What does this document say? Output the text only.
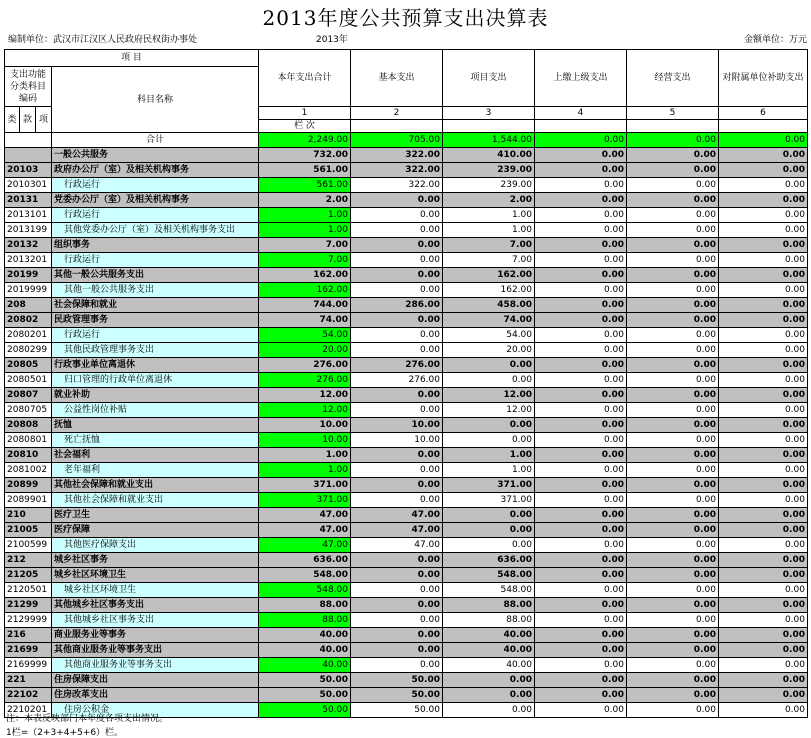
2013年度公共预算支出决算表
编制单位：武汉市江汉区人民政府民权街办事处	2013年	金额单位：万元
项 目				本年支出合计	基本支出	项目支出	上缴上级支出	经营支出	对附属单位补助支出	
支出功能分类科目编码			科目名称							
类	款	项		1	2	3	4	5	6	
				栏 次						
			合计	2,249.00	705.00	1,544.00	0.00	0.00	0.00	
			一般公共服务	732.00	322.00	410.00	0.00	0.00	0.00	
20103			政府办公厅（室）及相关机构事务	561.00	322.00	239.00	0.00	0.00	0.00	
2010301			行政运行	561.00	322.00	239.00	0.00	0.00	0.00	
20131			党委办公厅（室）及相关机构事务	2.00	0.00	2.00	0.00	0.00	0.00	
2013101			行政运行	1.00	0.00	1.00	0.00	0.00	0.00	
2013199			其他党委办公厅（室）及相关机构事务支出	1.00	0.00	1.00	0.00	0.00	0.00	
20132			组织事务	7.00	0.00	7.00	0.00	0.00	0.00	
2013201			行政运行	7.00	0.00	7.00	0.00	0.00	0.00	
20199			其他一般公共服务支出	162.00	0.00	162.00	0.00	0.00	0.00	
2019999			其他一般公共服务支出	162.00	0.00	162.00	0.00	0.00	0.00	
208			社会保障和就业	744.00	286.00	458.00	0.00	0.00	0.00	
20802			民政管理事务	74.00	0.00	74.00	0.00	0.00	0.00	
2080201			行政运行	54.00	0.00	54.00	0.00	0.00	0.00	
2080299			其他民政管理事务支出	20.00	0.00	20.00	0.00	0.00	0.00	
20805			行政事业单位离退休	276.00	276.00	0.00	0.00	0.00	0.00	
2080501			归口管理的行政单位离退休	276.00	276.00	0.00	0.00	0.00	0.00	
20807			就业补助	12.00	0.00	12.00	0.00	0.00	0.00	
2080705			公益性岗位补贴	12.00	0.00	12.00	0.00	0.00	0.00	
20808			抚恤	10.00	10.00	0.00	0.00	0.00	0.00	
2080801			死亡抚恤	10.00	10.00	0.00	0.00	0.00	0.00	
20810			社会福利	1.00	0.00	1.00	0.00	0.00	0.00	
2081002			老年福利	1.00	0.00	1.00	0.00	0.00	0.00	
20899			其他社会保障和就业支出	371.00	0.00	371.00	0.00	0.00	0.00	
2089901			其他社会保障和就业支出	371.00	0.00	371.00	0.00	0.00	0.00	
210			医疗卫生	47.00	47.00	0.00	0.00	0.00	0.00	
21005			医疗保障	47.00	47.00	0.00	0.00	0.00	0.00	
2100599			其他医疗保障支出	47.00	47.00	0.00	0.00	0.00	0.00	
212			城乡社区事务	636.00	0.00	636.00	0.00	0.00	0.00	
21205			城乡社区环境卫生	548.00	0.00	548.00	0.00	0.00	0.00	
2120501			城乡社区环境卫生	548.00	0.00	548.00	0.00	0.00	0.00	
21299			其他城乡社区事务支出	88.00	0.00	88.00	0.00	0.00	0.00	
2129999			其他城乡社区事务支出	88.00	0.00	88.00	0.00	0.00	0.00	
216			商业服务业等事务	40.00	0.00	40.00	0.00	0.00	0.00	
21699			其他商业服务业等事务支出	40.00	0.00	40.00	0.00	0.00	0.00	
2169999			其他商业服务业等事务支出	40.00	0.00	40.00	0.00	0.00	0.00	
221			住房保障支出	50.00	50.00	0.00	0.00	0.00	0.00	
22102			住房改革支出	50.00	50.00	0.00	0.00	0.00	0.00	
2210201			住房公积金	50.00	50.00	0.00	0.00	0.00	0.00	
注：本表反映部门本年度各项支出情况。
1栏=（2+3+4+5+6）栏。
